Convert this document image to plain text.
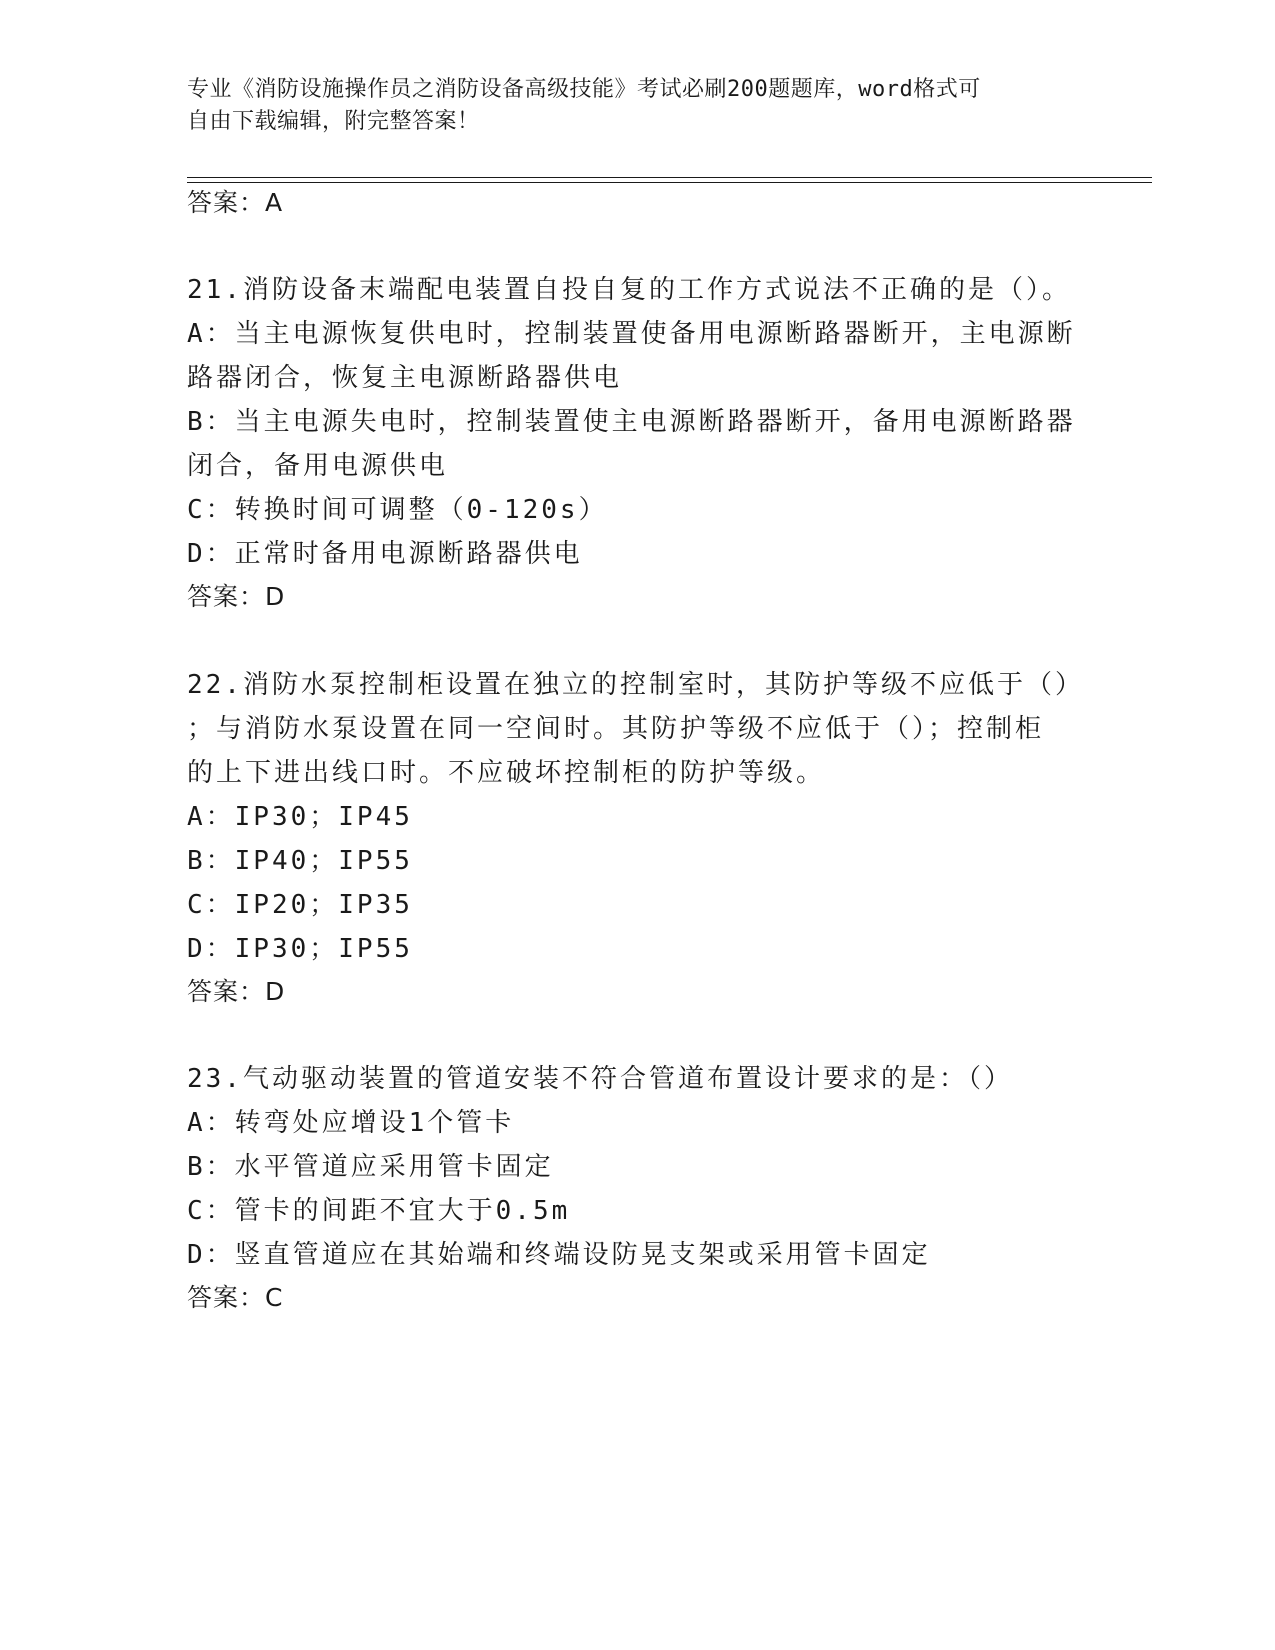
专业《消防设施操作员之消防设备高级技能》考试必刷200题题库，word格式可
自由下载编辑，附完整答案！
答案：A
21.消防设备末端配电装置自投自复的工作方式说法不正确的是（）。
A：当主电源恢复供电时，控制装置使备用电源断路器断开，主电源断
路器闭合，恢复主电源断路器供电
B：当主电源失电时，控制装置使主电源断路器断开，备用电源断路器
闭合，备用电源供电
C：转换时间可调整（0-120s）
D：正常时备用电源断路器供电
答案：D
22.消防水泵控制柜设置在独立的控制室时，其防护等级不应低于（）
；与消防水泵设置在同一空间时。其防护等级不应低于（）；控制柜
的上下进出线口时。不应破坏控制柜的防护等级。
A：IP30；IP45
B：IP40；IP55
C：IP20；IP35
D：IP30；IP55
答案：D
23.气动驱动装置的管道安装不符合管道布置设计要求的是：（）
A：转弯处应增设1个管卡
B：水平管道应采用管卡固定
C：管卡的间距不宜大于0.5m
D：竖直管道应在其始端和终端设防晃支架或采用管卡固定
答案：C
